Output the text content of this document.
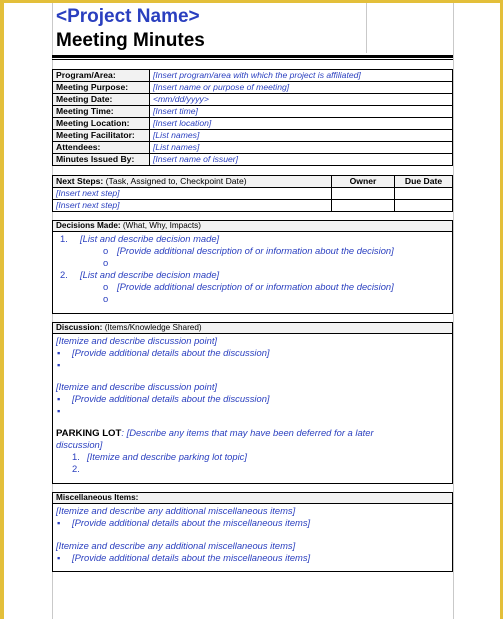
<Project Name>
Meeting Minutes
Program/Area:	[Insert program/area with which the project is affiliated]
Meeting Purpose:	[Insert name or purpose of meeting]
Meeting Date:	<mm/dd/yyyy>
Meeting Time:	[Insert time]
Meeting Location:	[Insert location]
Meeting Facilitator:	[List names]
Attendees:	[List names]
Minutes Issued By:	[Insert name of issuer]
Next Steps: (Task, Assigned to, Checkpoint Date)	Owner	Due Date
[Insert next step]		
[Insert next step]		
Decisions Made: (What, Why, Impacts)
1. [List and describe decision made]
o [Provide additional description of or information about the decision]
o
2. [List and describe decision made]
o [Provide additional description of or information about the decision]
o
Discussion: (Items/Knowledge Shared)
[Itemize and describe discussion point]
▪ [Provide additional details about the discussion]
▪
[Itemize and describe discussion point]
▪ [Provide additional details about the discussion]
▪
PARKING LOT: [Describe any items that may have been deferred for a later
discussion]
1. [Itemize and describe parking lot topic]
2.
Miscellaneous Items:
[Itemize and describe any additional miscellaneous items]
▪ [Provide additional details about the miscellaneous items]
[Itemize and describe any additional miscellaneous items]
▪ [Provide additional details about the miscellaneous items]
